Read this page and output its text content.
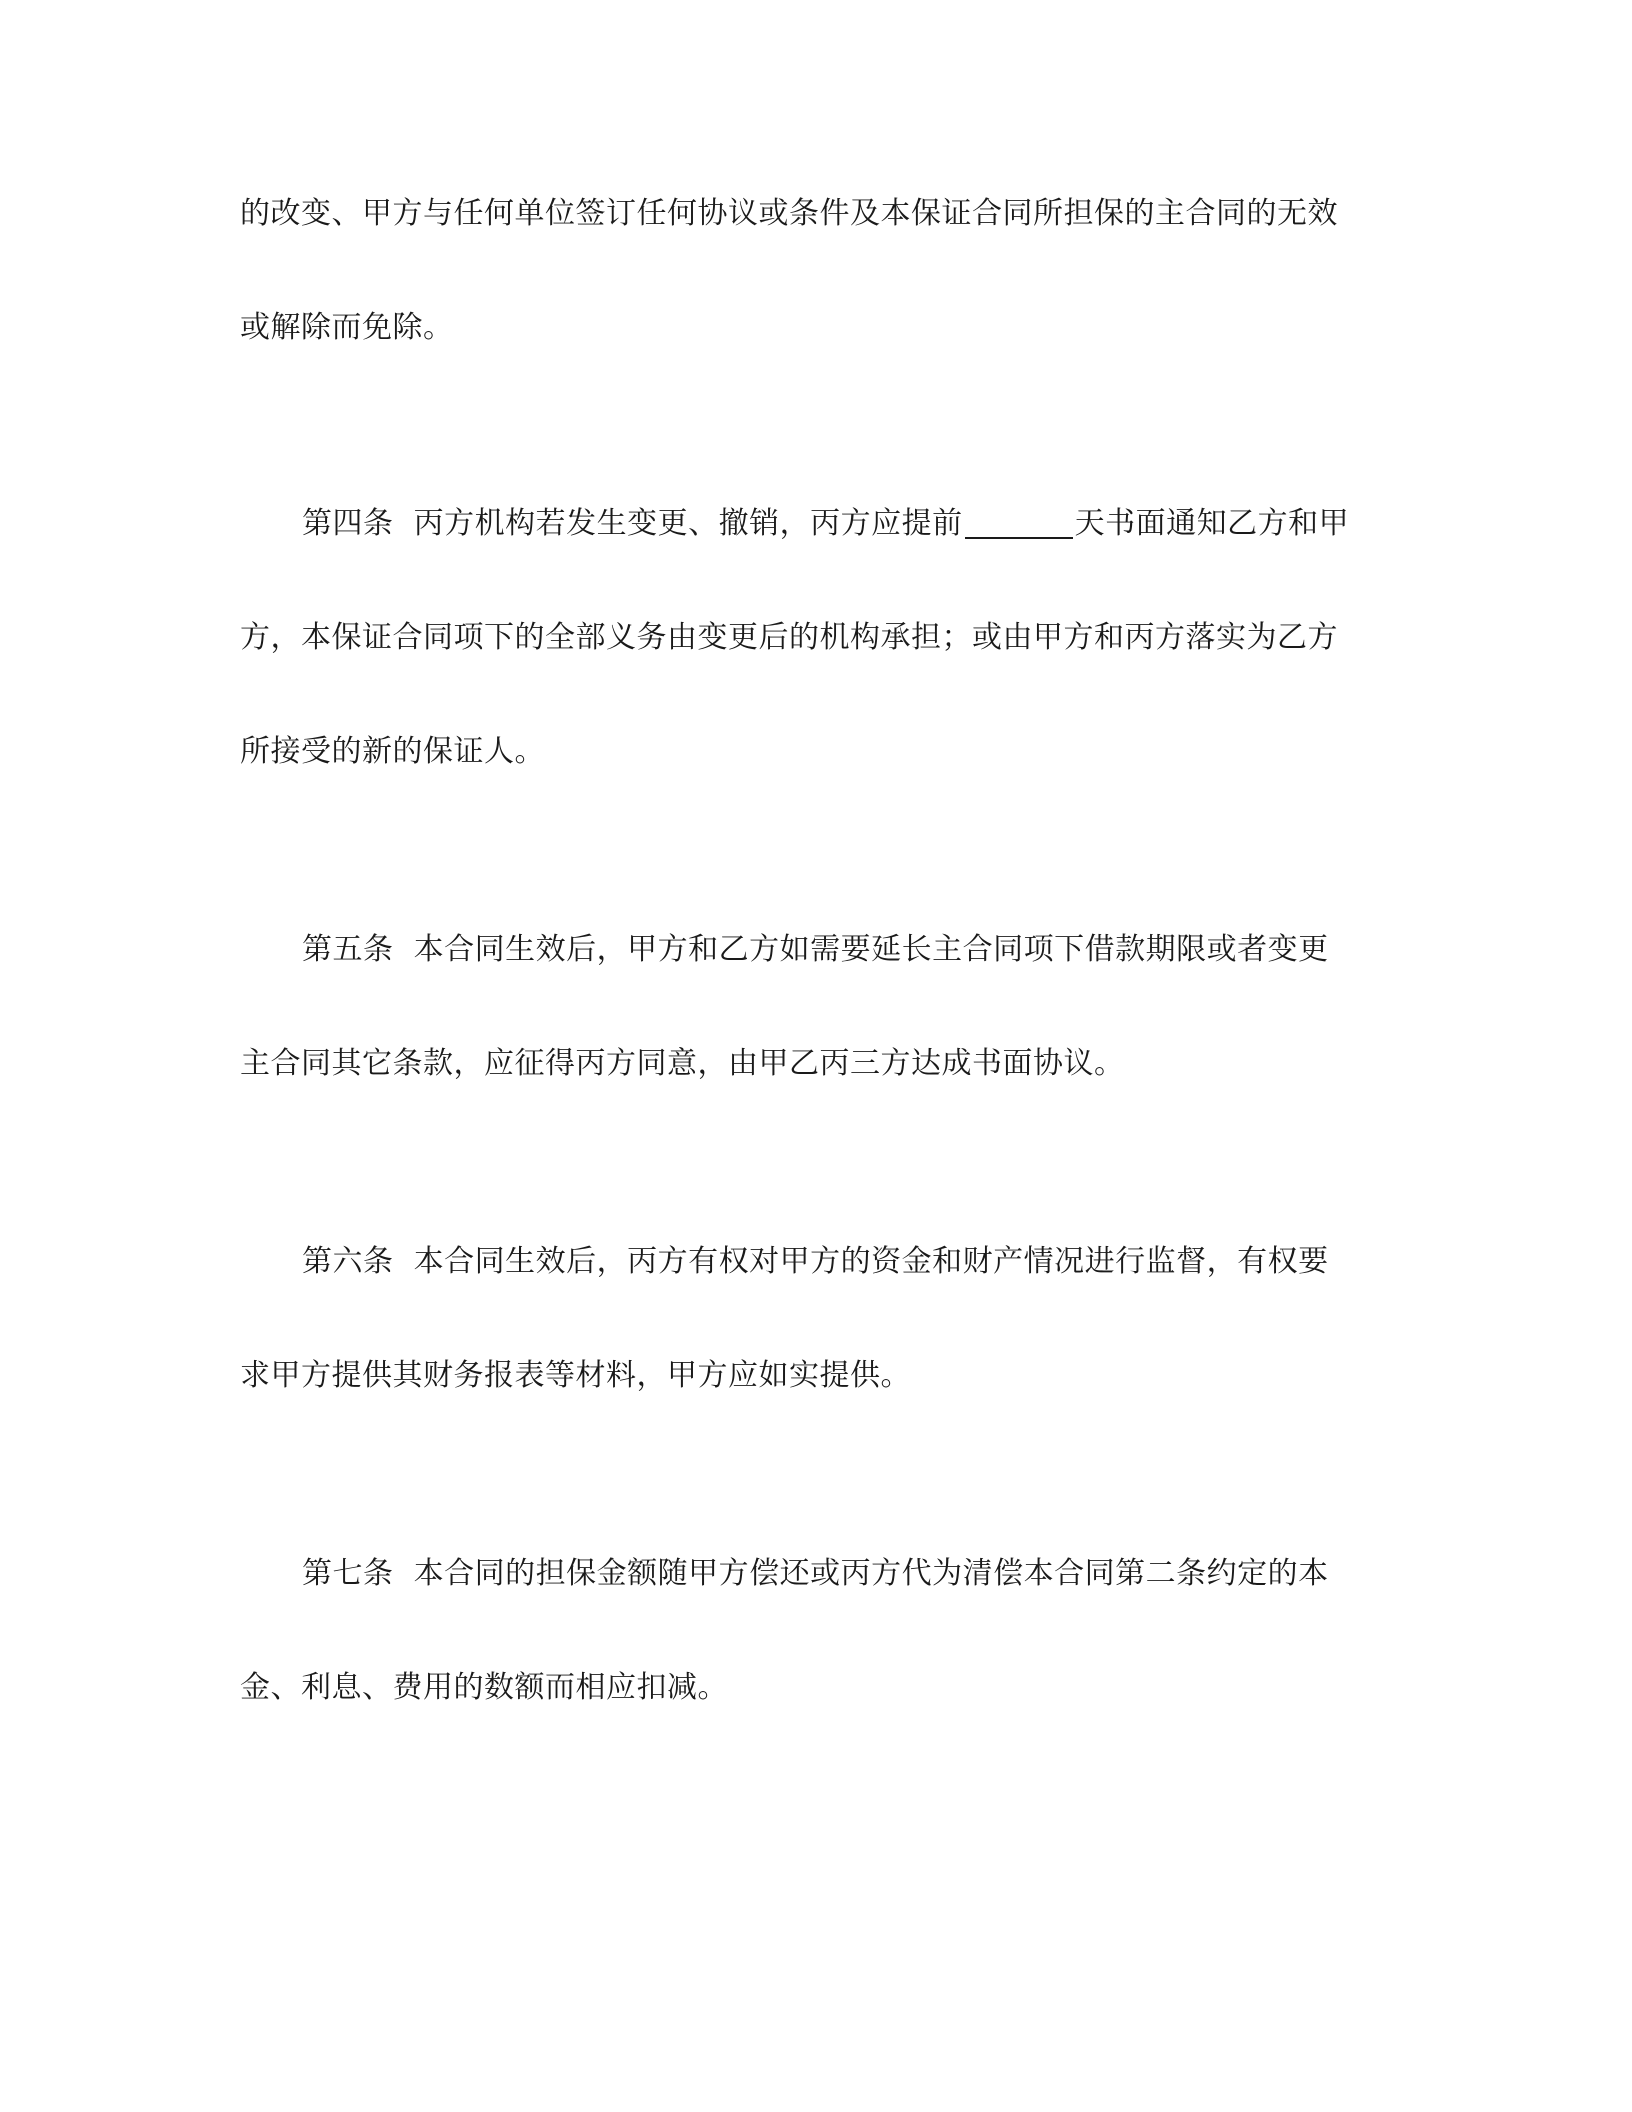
的改变、甲方与任何单位签订任何协议或条件及本保证合同所担保的主合同的无效
或解除而免除。
第四条 丙方机构若发生变更、撤销，丙方应提前	天书面通知乙方和甲
方，本保证合同项下的全部义务由变更后的机构承担；或由甲方和丙方落实为乙方
所接受的新的保证人。
第五条 本合同生效后，甲方和乙方如需要延长主合同项下借款期限或者变更
主合同其它条款，应征得丙方同意，由甲乙丙三方达成书面协议。
第六条 本合同生效后，丙方有权对甲方的资金和财产情况进行监督，有权要
求甲方提供其财务报表等材料，甲方应如实提供。
第七条 本合同的担保金额随甲方偿还或丙方代为清偿本合同第二条约定的本
金、利息、费用的数额而相应扣减。
